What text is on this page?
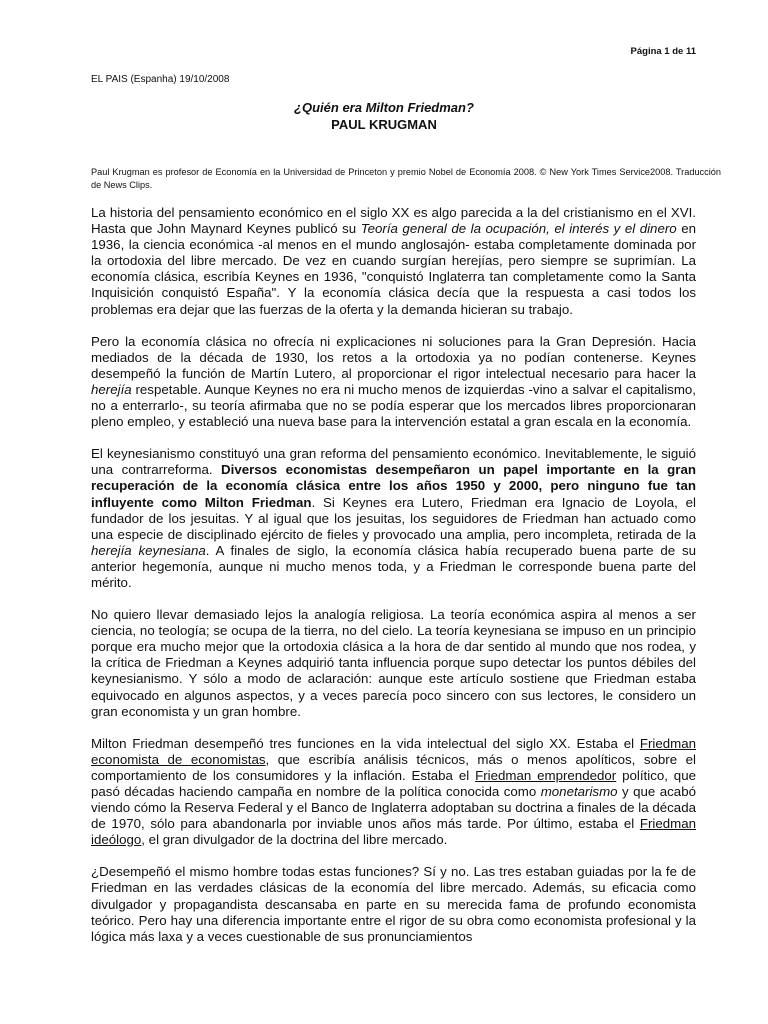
Página 1 de 11
EL PAIS (Espanha) 19/10/2008
¿Quién era Milton Friedman?
PAUL KRUGMAN
Paul Krugman es profesor de Economía en la Universidad de Princeton y premio Nobel de Economía 2008. © New York Times Service2008. Traducción de News Clips.

La historia del pensamiento económico en el siglo XX es algo parecida a la del cristianismo en el XVI. Hasta que John Maynard Keynes publicó su Teoría general de la ocupación, el interés y el dinero en 1936, la ciencia económica -al menos en el mundo anglosajón- estaba completamente dominada por la ortodoxia del libre mercado. De vez en cuando surgían herejías, pero siempre se suprimían. La economía clásica, escribía Keynes en 1936, "conquistó Inglaterra tan completamente como la Santa Inquisición conquistó España". Y la economía clásica decía que la respuesta a casi todos los problemas era dejar que las fuerzas de la oferta y la demanda hicieran su trabajo.

Pero la economía clásica no ofrecía ni explicaciones ni soluciones para la Gran Depresión. Hacia mediados de la década de 1930, los retos a la ortodoxia ya no podían contenerse. Keynes desempeñó la función de Martín Lutero, al proporcionar el rigor intelectual necesario para hacer la herejía respetable. Aunque Keynes no era ni mucho menos de izquierdas -vino a salvar el capitalismo, no a enterrarlo-, su teoría afirmaba que no se podía esperar que los mercados libres proporcionaran pleno empleo, y estableció una nueva base para la intervención estatal a gran escala en la economía.

El keynesianismo constituyó una gran reforma del pensamiento económico. Inevitablemente, le siguió una contrarreforma. Diversos economistas desempeñaron un papel importante en la gran recuperación de la economía clásica entre los años 1950 y 2000, pero ninguno fue tan influyente como Milton Friedman. Si Keynes era Lutero, Friedman era Ignacio de Loyola, el fundador de los jesuitas. Y al igual que los jesuitas, los seguidores de Friedman han actuado como una especie de disciplinado ejército de fieles y provocado una amplia, pero incompleta, retirada de la herejía keynesiana. A finales de siglo, la economía clásica había recuperado buena parte de su anterior hegemonía, aunque ni mucho menos toda, y a Friedman le corresponde buena parte del mérito.

No quiero llevar demasiado lejos la analogía religiosa. La teoría económica aspira al menos a ser ciencia, no teología; se ocupa de la tierra, no del cielo. La teoría keynesiana se impuso en un principio porque era mucho mejor que la ortodoxia clásica a la hora de dar sentido al mundo que nos rodea, y la crítica de Friedman a Keynes adquirió tanta influencia porque supo detectar los puntos débiles del keynesianismo. Y sólo a modo de aclaración: aunque este artículo sostiene que Friedman estaba equivocado en algunos aspectos, y a veces parecía poco sincero con sus lectores, le considero un gran economista y un gran hombre.

Milton Friedman desempeñó tres funciones en la vida intelectual del siglo XX. Estaba el Friedman economista de economistas, que escribía análisis técnicos, más o menos apolíticos, sobre el comportamiento de los consumidores y la inflación. Estaba el Friedman emprendedor político, que pasó décadas haciendo campaña en nombre de la política conocida como monetarismo y que acabó viendo cómo la Reserva Federal y el Banco de Inglaterra adoptaban su doctrina a finales de la década de 1970, sólo para abandonarla por inviable unos años más tarde. Por último, estaba el Friedman ideólogo, el gran divulgador de la doctrina del libre mercado.

¿Desempeñó el mismo hombre todas estas funciones? Sí y no. Las tres estaban guiadas por la fe de Friedman en las verdades clásicas de la economía del libre mercado. Además, su eficacia como divulgador y propagandista descansaba en parte en su merecida fama de profundo economista teórico. Pero hay una diferencia importante entre el rigor de su obra como economista profesional y la lógica más laxa y a veces cuestionable de sus pronunciamientos
